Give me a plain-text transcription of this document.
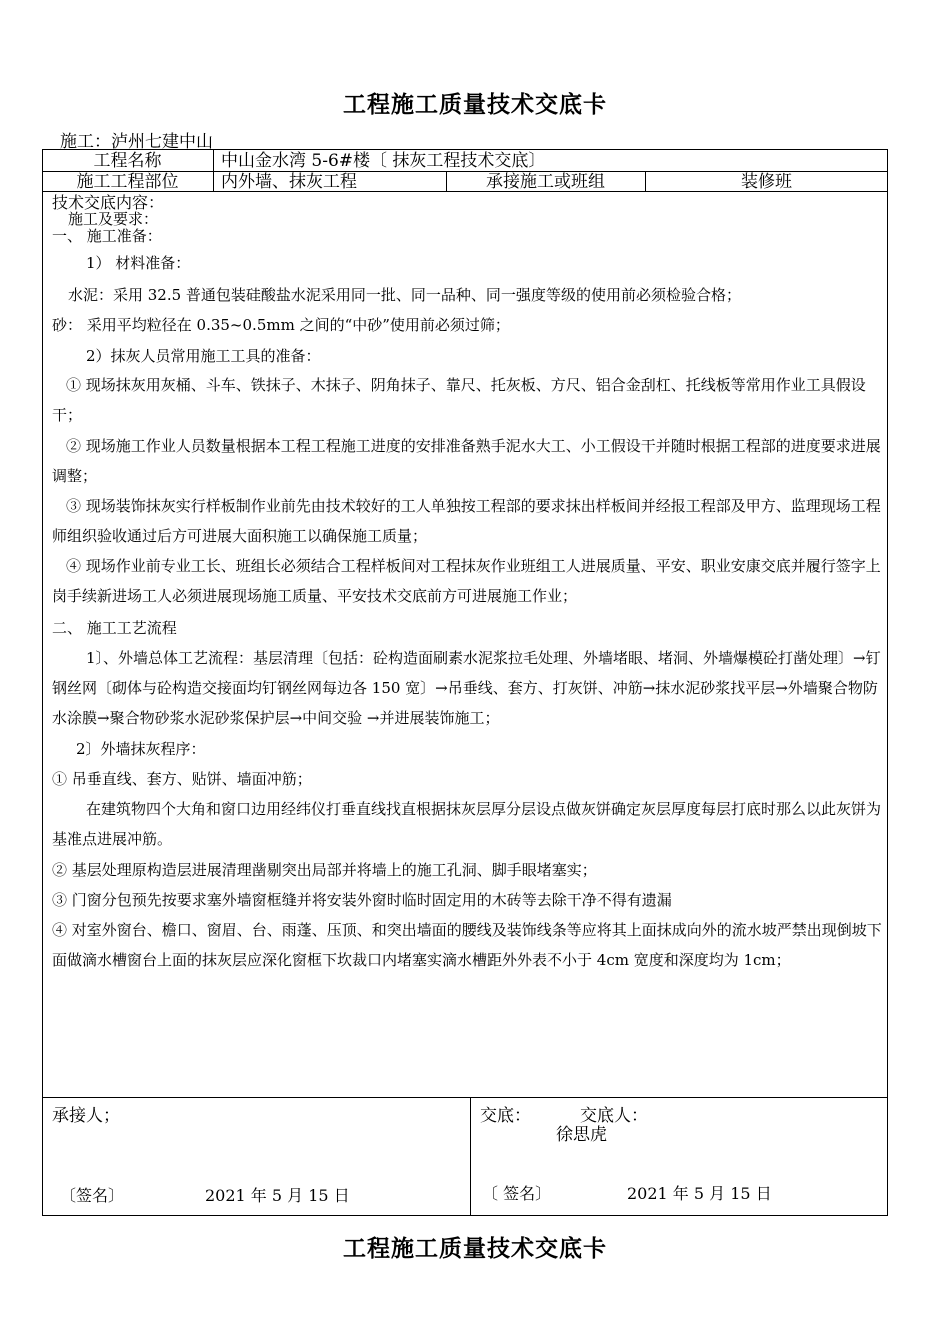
工程施工质量技术交底卡
施工：泸州七建中山
工程名称	中山金水湾 5-6#楼〔 抹灰工程技术交底〕
施工工程部位	内外墙、抹灰工程	承接施工或班组	装修班
技术交底内容：
施工及要求：
一、 施工准备：
1） 材料准备：
水泥：采用 32.5 普通包装硅酸盐水泥采用同一批、同一品种、同一强度等级的使用前必须检验合格；
砂： 采用平均粒径在 0.35~0.5mm 之间的“中砂”使用前必须过筛；
2）抹灰人员常用施工工具的准备：
① 现场抹灰用灰桶、斗车、铁抹子、木抹子、阴角抹子、靠尺、托灰板、方尺、铝合金刮杠、托线板等常用作业工具假设干；
② 现场施工作业人员数量根据本工程工程施工进度的安排准备熟手泥水大工、小工假设干并随时根据工程部的进度要求进展调整；
③ 现场装饰抹灰实行样板制作业前先由技术较好的工人单独按工程部的要求抹出样板间并经报工程部及甲方、监理现场工程师组织验收通过后方可进展大面积施工以确保施工质量；
④ 现场作业前专业工长、班组长必须结合工程样板间对工程抹灰作业班组工人进展质量、平安、职业安康交底并履行签字上岗手续新进场工人必须进展现场施工质量、平安技术交底前方可进展施工作业；
二、 施工工艺流程
1〕、外墙总体工艺流程：基层清理〔包括：砼构造面刷素水泥浆拉毛处理、外墙堵眼、堵洞、外墙爆模砼打凿处理〕→钉钢丝网〔砌体与砼构造交接面均钉钢丝网每边各 150 宽〕→吊垂线、套方、打灰饼、冲筋→抹水泥砂浆找平层→外墙聚合物防水涂膜→聚合物砂浆水泥砂浆保护层→中间交验 →并进展装饰施工；
2〕外墙抹灰程序：
① 吊垂直线、套方、贴饼、墙面冲筋；
在建筑物四个大角和窗口边用经纬仪打垂直线找直根据抹灰层厚分层设点做灰饼确定灰层厚度每层打底时那么以此灰饼为基准点进展冲筋。
② 基层处理原构造层进展清理凿剔突出局部并将墙上的施工孔洞、脚手眼堵塞实；
③ 门窗分包预先按要求塞外墙窗框缝并将安装外窗时临时固定用的木砖等去除干净不得有遗漏
④ 对室外窗台、檐口、窗眉、台、雨蓬、压顶、和突出墙面的腰线及装饰线条等应将其上面抹成向外的流水坡严禁出现倒坡下面做滴水槽窗台上面的抹灰层应深化窗框下坎裁口内堵塞实滴水槽距外外表不小于 4cm 宽度和深度均为 1cm；
承接人；
〔签名〕	2021 年 5 月 15 日
交底：	交底人：
徐思虎
〔 签名〕	2021 年 5 月 15 日
工程施工质量技术交底卡
